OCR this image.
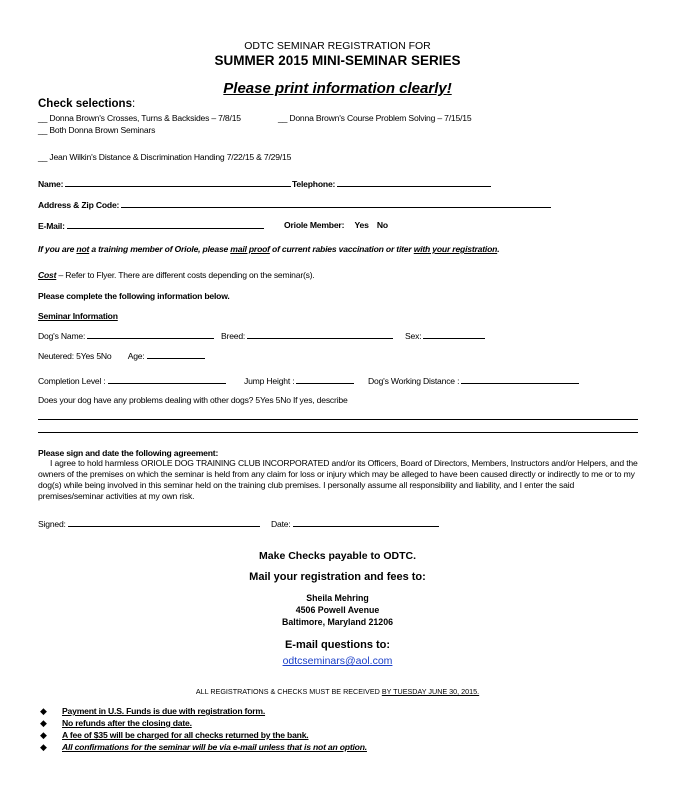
ODTC SEMINAR REGISTRATION FOR
SUMMER 2015 MINI-SEMINAR SERIES
Please print information clearly!
Check selections:
__ Donna Brown's Crosses, Turns & Backsides – 7/8/15	__ Donna Brown's Course Problem Solving – 7/15/15
__ Both Donna Brown Seminars
__ Jean Wilkin's Distance & Discrimination Handing 7/22/15 & 7/29/15
Name:	Telephone:
Address & Zip Code:
E-Mail:	Oriole Member: Yes No
If you are not a training member of Oriole, please mail proof of current rabies vaccination or titer with your registration.
Cost – Refer to Flyer. There are different costs depending on the seminar(s).
Please complete the following information below.
Seminar Information
Dog's Name:	Breed:	Sex:
Neutered: 5Yes 5No Age:
Completion Level :	Jump Height :	Dog's Working Distance :
Does your dog have any problems dealing with other dogs? 5Yes 5No If yes, describe
Please sign and date the following agreement:
I agree to hold harmless ORIOLE DOG TRAINING CLUB INCORPORATED and/or its Officers, Board of Directors, Members, Instructors and/or Helpers, and the owners of the premises on which the seminar is held from any claim for loss or injury which may be alleged to have been caused directly or indirectly to me or to my dog(s) while being involved in this seminar held on the training club premises. I personally assume all responsibility and liability, and I enter the said premises/seminar activities at my own risk.
Signed:	Date:
Make Checks payable to ODTC.
Mail your registration and fees to:
Sheila Mehring
4506 Powell Avenue
Baltimore, Maryland 21206
E-mail questions to:
odtcseminars@aol.com
ALL REGISTRATIONS & CHECKS MUST BE RECEIVED BY TUESDAY JUNE 30, 2015.
◆ Payment in U.S. Funds is due with registration form.
◆ No refunds after the closing date.
◆ A fee of $35 will be charged for all checks returned by the bank.
◆ All confirmations for the seminar will be via e-mail unless that is not an option.
